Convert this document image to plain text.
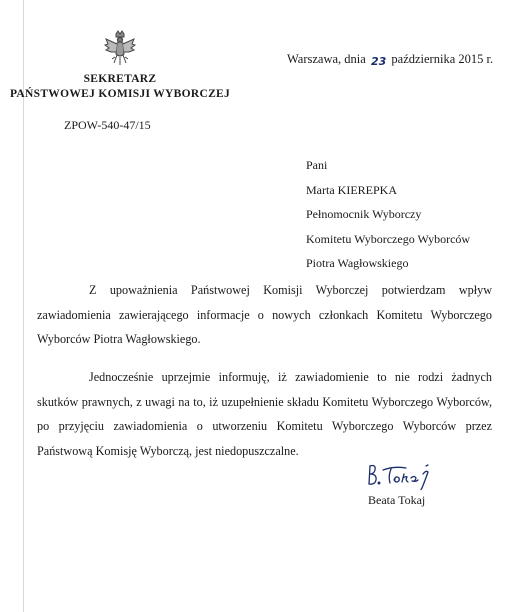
SEKRETARZ
PAŃSTWOWEJ KOMISJI WYBORCZEJ
ZPOW-540-47/15
Warszawa, dnia 23 października 2015 r.
Pani
Marta KIEREPKA
Pełnomocnik Wyborczy
Komitetu Wyborczego Wyborców
Piotra Wagłowskiego

Z upoważnienia Państwowej Komisji Wyborczej potwierdzam wpływ zawiadomienia zawierającego informacje o nowych członkach Komitetu Wyborczego Wyborców Piotra Wagłowskiego.

Jednocześnie uprzejmie informuję, iż zawiadomienie to nie rodzi żadnych skutków prawnych, z uwagi na to, iż uzupełnienie składu Komitetu Wyborczego Wyborców, po przyjęciu zawiadomienia o utworzeniu Komitetu Wyborczego Wyborców przez Państwową Komisję Wyborczą, jest niedopuszczalne.

Beata Tokaj
